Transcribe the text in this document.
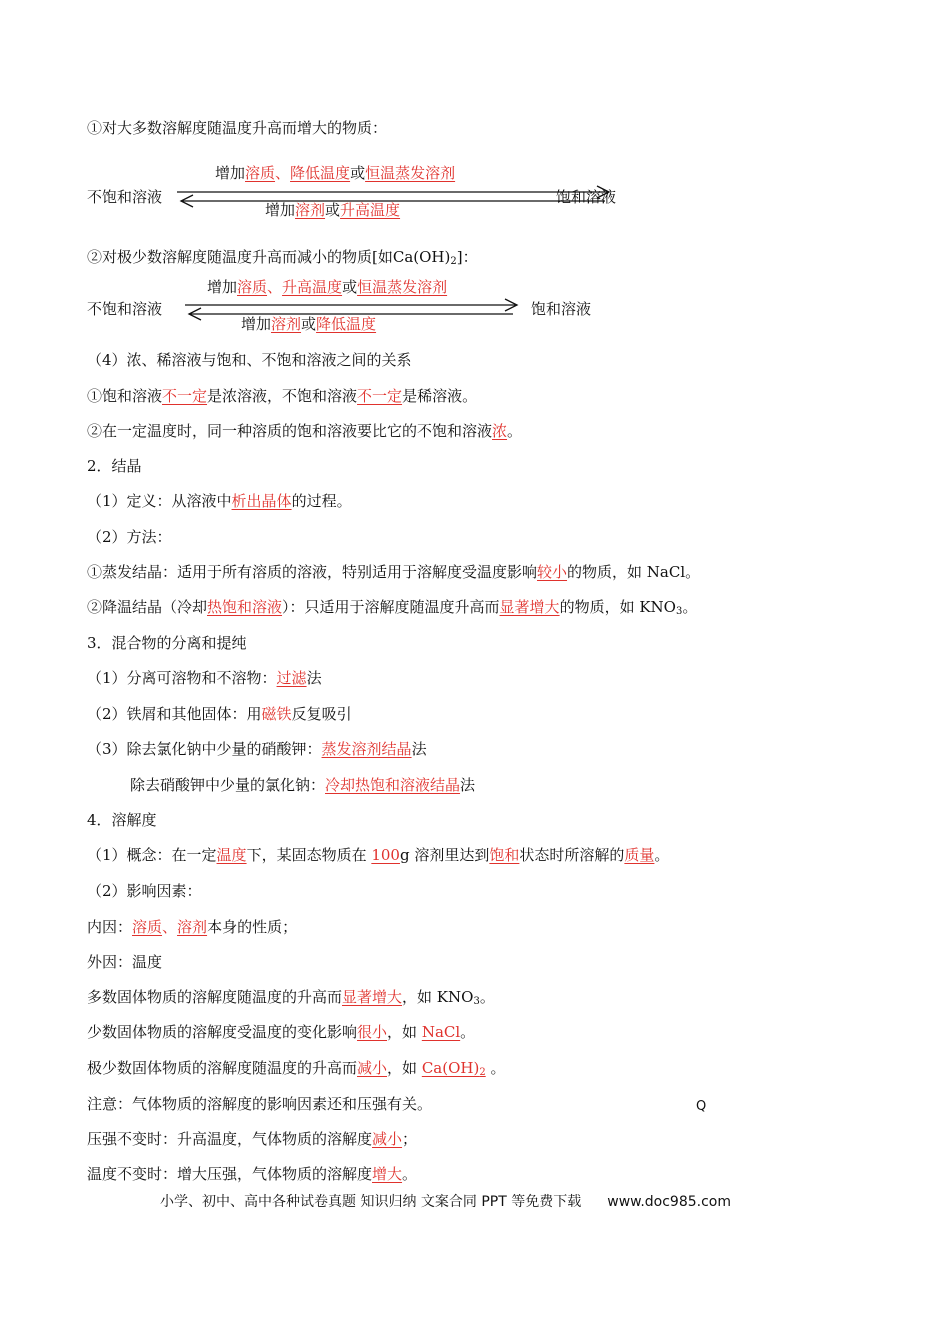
①对大多数溶解度随温度升高而增大的物质：
不饱和溶液
增加溶质、降低温度或恒温蒸发溶剂
增加溶剂或升高温度
饱和溶液
②对极少数溶解度随温度升高而减小的物质[如$Ca(OH)_2$]：
不饱和溶液
增加溶质、升高温度或恒温蒸发溶剂
增加溶剂或降低温度
饱和溶液
（4）浓、稀溶液与饱和、不饱和溶液之间的关系
①饱和溶液不一定是浓溶液，不饱和溶液不一定是稀溶液。
②在一定温度时，同一种溶质的饱和溶液要比它的不饱和溶液浓。
2．结晶
（1）定义：从溶液中析出晶体的过程。
（2）方法：
①蒸发结晶：适用于所有溶质的溶液，特别适用于溶解度受温度影响较小的物质，如 NaCl。
②降温结晶（冷却热饱和溶液）：只适用于溶解度随温度升高而显著增大的物质，如 $KNO_3$。
3．混合物的分离和提纯
（1）分离可溶物和不溶物：过滤法
（2）铁屑和其他固体：用磁铁反复吸引
（3）除去氯化钠中少量的硝酸钾：蒸发溶剂结晶法
除去硝酸钾中少量的氯化钠：冷却热饱和溶液结晶法
4．溶解度
（1）概念：在一定温度下，某固态物质在 100g 溶剂里达到饱和状态时所溶解的质量。
（2）影响因素：
内因：溶质、溶剂本身的性质；
外因：温度
多数固体物质的溶解度随温度的升高而显著增大，如 $KNO_3$。
少数固体物质的溶解度受温度的变化影响很小，如 NaCl。
极少数固体物质的溶解度随温度的升高而减小，如 $Ca(OH)_2$ 。
注意：气体物质的溶解度的影响因素还和压强有关。	Q
压强不变时：升高温度，气体物质的溶解度减小；
温度不变时：增大压强，气体物质的溶解度增大。
小学、初中、高中各种试卷真题 知识归纳 文案合同 PPT 等免费下载 www.doc985.com
